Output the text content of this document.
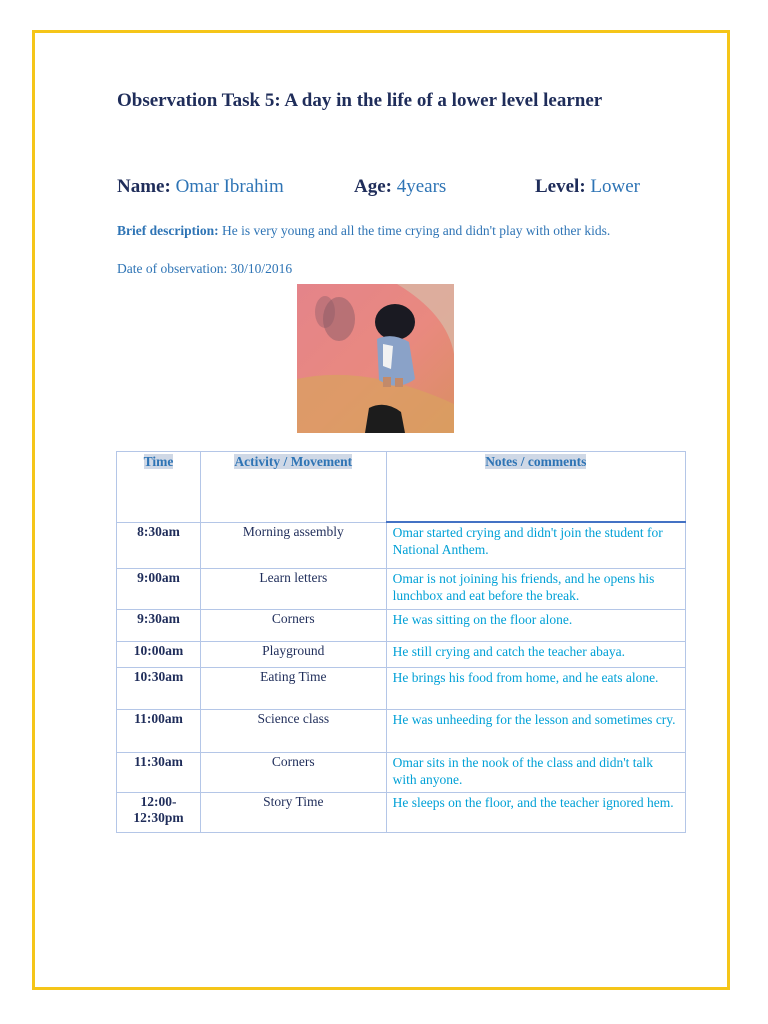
Observation Task 5: A day in the life of a lower level learner
Name: Omar Ibrahim	Age: 4years	Level: Lower
Brief description: He is very young and all the time crying and didn't play with other kids.
Date of observation: 30/10/2016
Time	Activity / Movement	Notes / comments
8:30am	Morning assembly	Omar started crying and didn't join the student for National Anthem.
9:00am	Learn letters	Omar is not joining his friends, and he opens his lunchbox and eat before the break.
9:30am	Corners	He was sitting on the floor alone.
10:00am	Playground	He still crying and catch the teacher abaya.
10:30am	Eating Time	He brings his food from home, and he eats alone.
11:00am	Science class	He was unheeding for the lesson and sometimes cry.
11:30am	Corners	Omar sits in the nook of the class and didn't talk with anyone.
12:00-12:30pm	Story Time	He sleeps on the floor, and the teacher ignored hem.
